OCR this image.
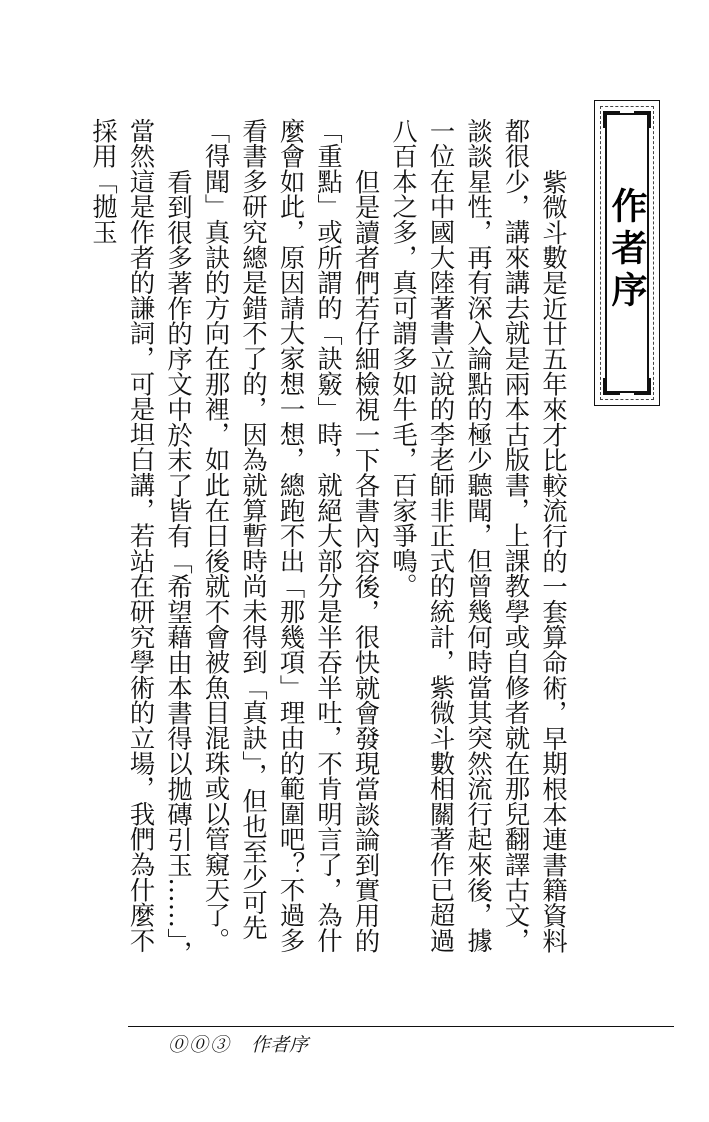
作者序

紫微斗數是近廿五年來才比較流行的一套算命術，早期根本連書籍資料都很少，講來講去就是兩本古版書，上課教學或自修者就在那兒翻譯古文，談談星性，再有深入論點的極少聽聞，但曾幾何時當其突然流行起來後，據一位在中國大陸著書立說的李老師非正式的統計，紫微斗數相關著作已超過八百本之多，真可謂多如牛毛，百家爭鳴。

但是讀者們若仔細檢視一下各書內容後，很快就會發現當談論到實用的「重點」或所謂的「訣竅」時，就絕大部分是半吞半吐，不肯明言了，為什麼會如此，原因請大家想一想，總跑不出「那幾項」理由的範圍吧？不過多看書多研究總是錯不了的，因為就算暫時尚未得到「真訣」，但也至少可先「得聞」真訣的方向在那裡，如此在日後就不會被魚目混珠或以管窺天了。

看到很多著作的序文中於末了皆有「希望藉由本書得以拋磚引玉……」，當然這是作者的謙詞，可是坦白講，若站在研究學術的立場，我們為什麼不採用「拋玉

⓪⓪③ 作者序
